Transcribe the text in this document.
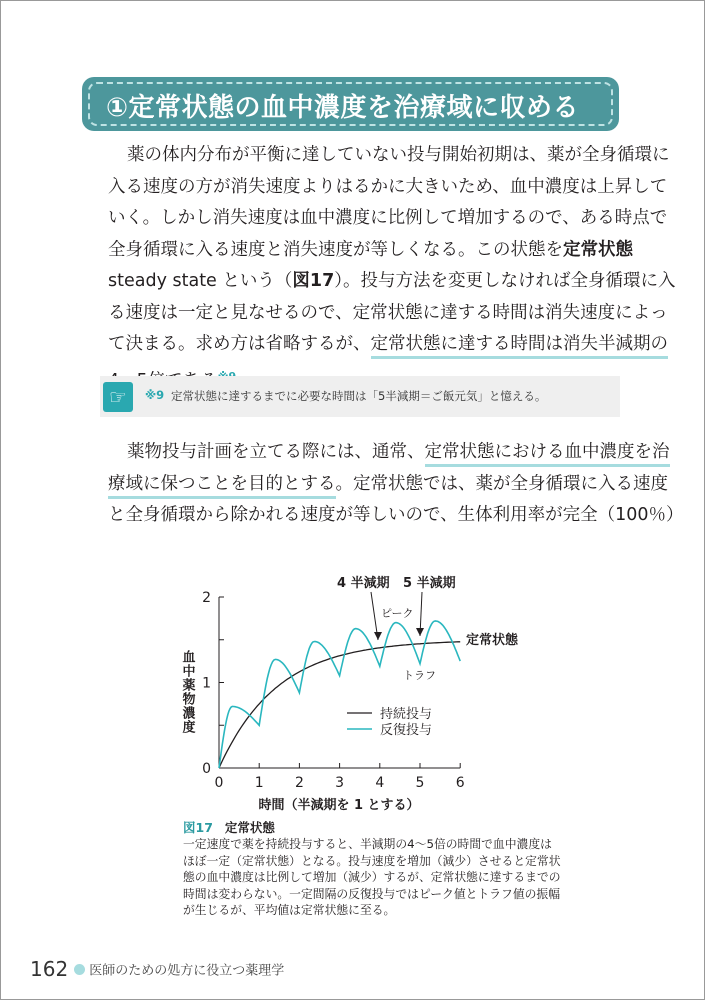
①定常状態の血中濃度を治療域に収める
薬の体内分布が平衡に達していない投与開始初期は、薬が全身循環に
入る速度の方が消失速度よりはるかに大きいため、血中濃度は上昇して
いく。しかし消失速度は血中濃度に比例して増加するので、ある時点で
全身循環に入る速度と消失速度が等しくなる。この状態を定常状態
steady state という（図17）。投与方法を変更しなければ全身循環に入
る速度は一定と見なせるので、定常状態に達する時間は消失速度によっ
て決まる。求め方は省略するが、定常状態に達する時間は消失半減期の
☞	※9 定常状態に達するまでに必要な時間は「5半減期＝ご飯元気」と憶える。
薬物投与計画を立てる際には、通常、定常状態における血中濃度を治
療域に保つことを目的とする。定常状態では、薬が全身循環に入る速度
と全身循環から除かれる速度が等しいので、生体利用率が完全（100％）
0 1 2 3 4 5 6
0
1
2
時間（半減期を 1 とする）
血中薬物濃度	持続投与
反復投与
4 半減期 5 半減期
ピーク
トラフ
定常状態
図17 定常状態
一定速度で薬を持続投与すると、半減期の4～5倍の時間で血中濃度は
ほぼ一定（定常状態）となる。投与速度を増加（減少）させると定常状
態の血中濃度は比例して増加（減少）するが、定常状態に達するまでの
時間は変わらない。一定間隔の反復投与ではピーク値とトラフ値の振幅
が生じるが、平均値は定常状態に至る。
162 医師のための処方に役立つ薬理学
